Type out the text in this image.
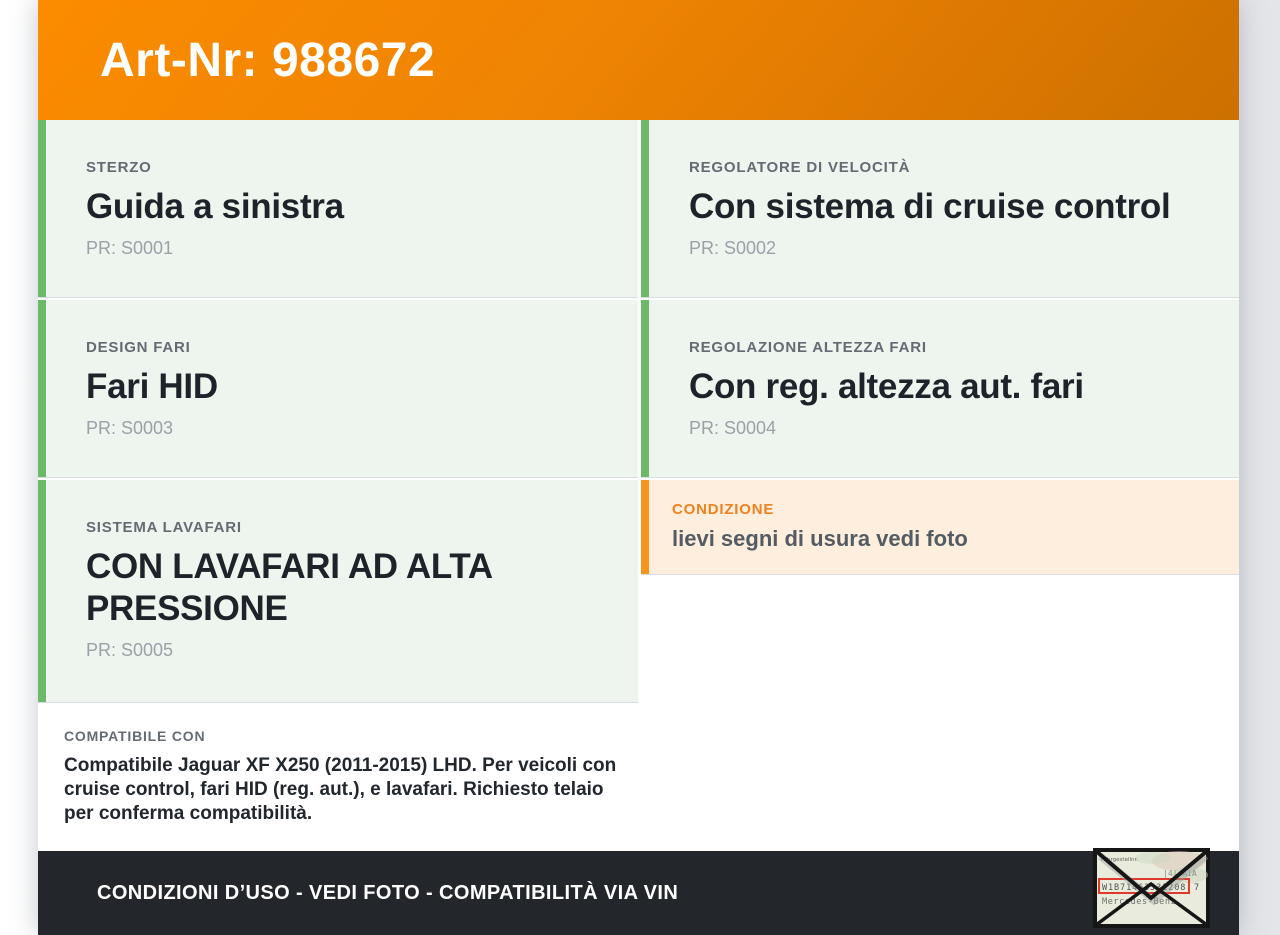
Art-Nr: 988672
STERZO
Guida a sinistra
PR: S0001
DESIGN FARI
Fari HID
PR: S0003
SISTEMA LAVAFARI
CON LAVAFARI AD ALTA PRESSIONE
PR: S0005
COMPATIBILE CON

Compatibile Jaguar XF X250 (2011-2015) LHD. Per veicoli con cruise control, fari HID (reg. aut.), e lavafari. Richiesto telaio per conferma compatibilità.

REGOLATORE DI VELOCITÀ
Con sistema di cruise control
PR: S0002
REGOLAZIONE ALTEZZA FARI
Con reg. altezza aut. fari
PR: S0004
CONDIZIONE
lievi segni di usura vedi foto
CONDIZIONI DʼUSO - VEDI FOTO - COMPATIBILITÀ VIA VIN
Fahrgestellnr.
|4| AiA
W1B71463J31208 7
Mercedes-Benz
